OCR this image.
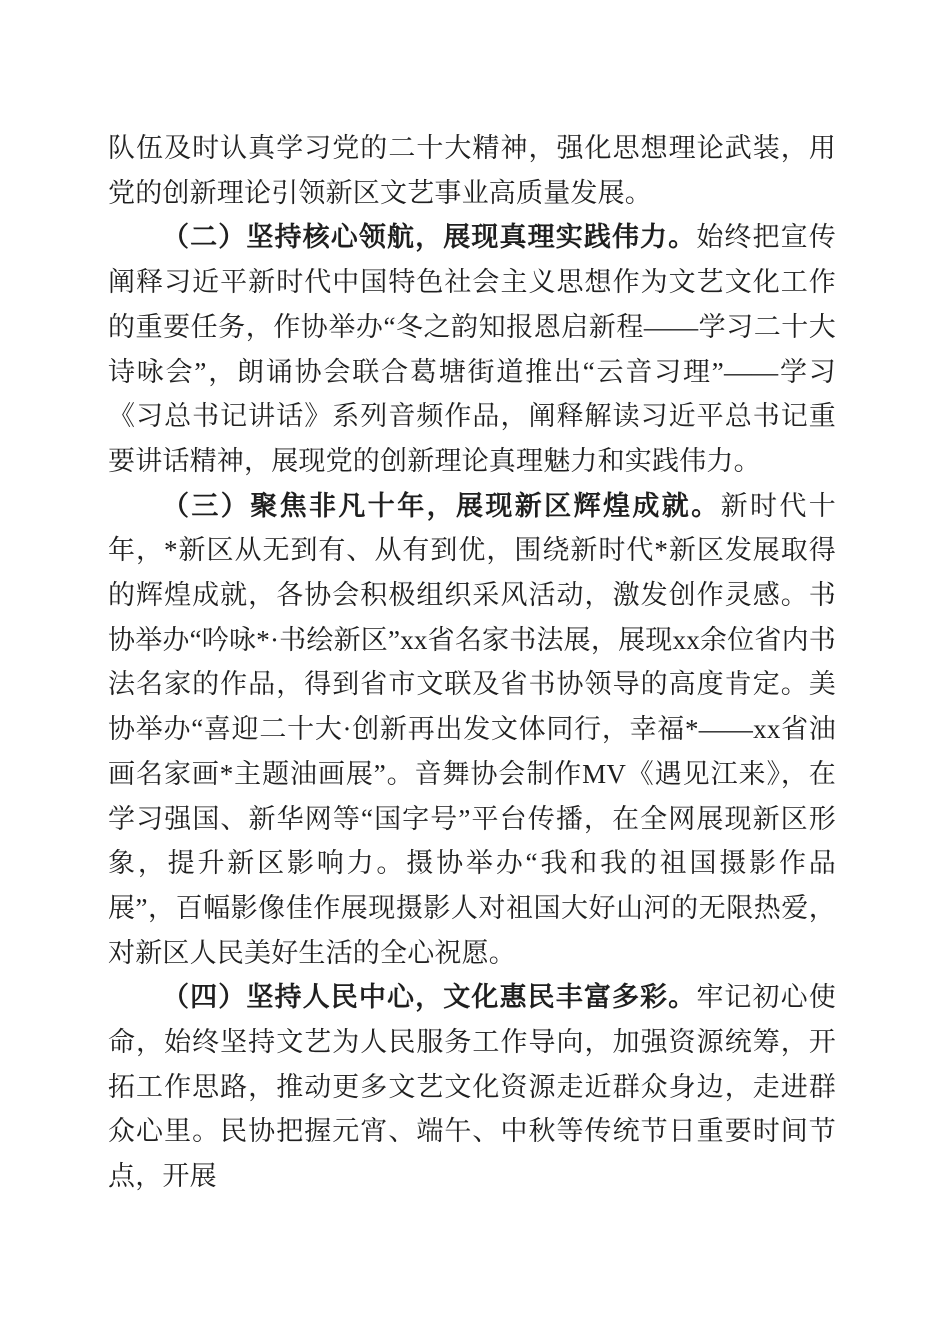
队伍及时认真学习党的二十大精神，强化思想理论武装，用党的创新理论引领新区文艺事业高质量发展。

（二）坚持核心领航，展现真理实践伟力。始终把宣传阐释习近平新时代中国特色社会主义思想作为文艺文化工作的重要任务，作协举办“冬之韵知报恩启新程——学习二十大诗咏会”，朗诵协会联合葛塘街道推出“云音习理”——学习《习总书记讲话》系列音频作品，阐释解读习近平总书记重要讲话精神，展现党的创新理论真理魅力和实践伟力。

（三）聚焦非凡十年，展现新区辉煌成就。新时代十年，*新区从无到有、从有到优，围绕新时代*新区发展取得的辉煌成就，各协会积极组织采风活动，激发创作灵感。书协举办“吟咏*·书绘新区”xx省名家书法展，展现xx余位省内书法名家的作品，得到省市文联及省书协领导的高度肯定。美协举办“喜迎二十大·创新再出发文体同行，幸福*——xx省油画名家画*主题油画展”。音舞协会制作MV《遇见江来》，在学习强国、新华网等“国字号”平台传播，在全网展现新区形象，提升新区影响力。摄协举办“我和我的祖国摄影作品展”，百幅影像佳作展现摄影人对祖国大好山河的无限热爱，对新区人民美好生活的全心祝愿。

（四）坚持人民中心，文化惠民丰富多彩。牢记初心使命，始终坚持文艺为人民服务工作导向，加强资源统筹，开拓工作思路，推动更多文艺文化资源走近群众身边，走进群众心里。民协把握元宵、端午、中秋等传统节日重要时间节点，开展
